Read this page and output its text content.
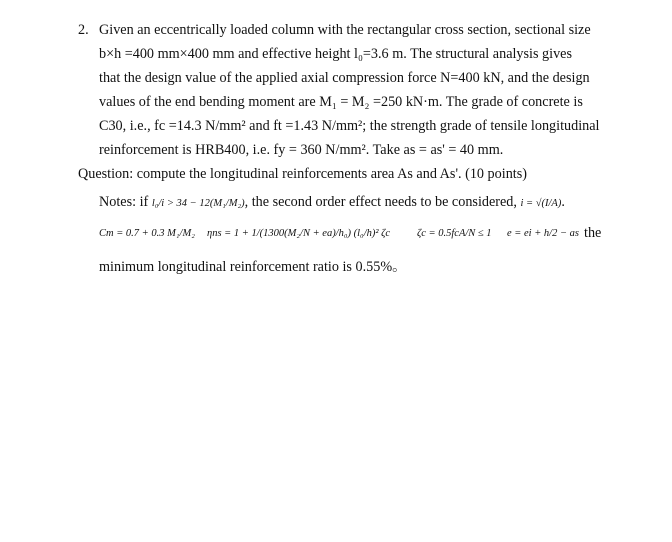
2. Given an eccentrically loaded column with the rectangular cross section, sectional size
b×h =400 mm×400 mm and effective height l₀=3.6 m. The structural analysis gives
that the design value of the applied axial compression force N=400 kN, and the design
values of the end bending moment are M₁ = M₂ =250 kN·m. The grade of concrete is
C30, i.e., fc =14.3 N/mm² and ft =1.43 N/mm²; the strength grade of tensile longitudinal
reinforcement is HRB400, i.e. fy = 360 N/mm². Take as = as' = 40 mm.
Question: compute the longitudinal reinforcements area As and As'. (10 points)
Notes: if l₀/i > 34 − 12(M₁/M₂), the second order effect needs to be considered, i = √(I/A).
Cm = 0.7 + 0.3 M₁/M₂ ηns = 1 + 1/(1300(M₂/N + ea)/h₀) (l₀/h)² ζc	ζc = 0.5fcA/N ≤ 1 e = ei + h/2 − as the
minimum longitudinal reinforcement ratio is 0.55%。
